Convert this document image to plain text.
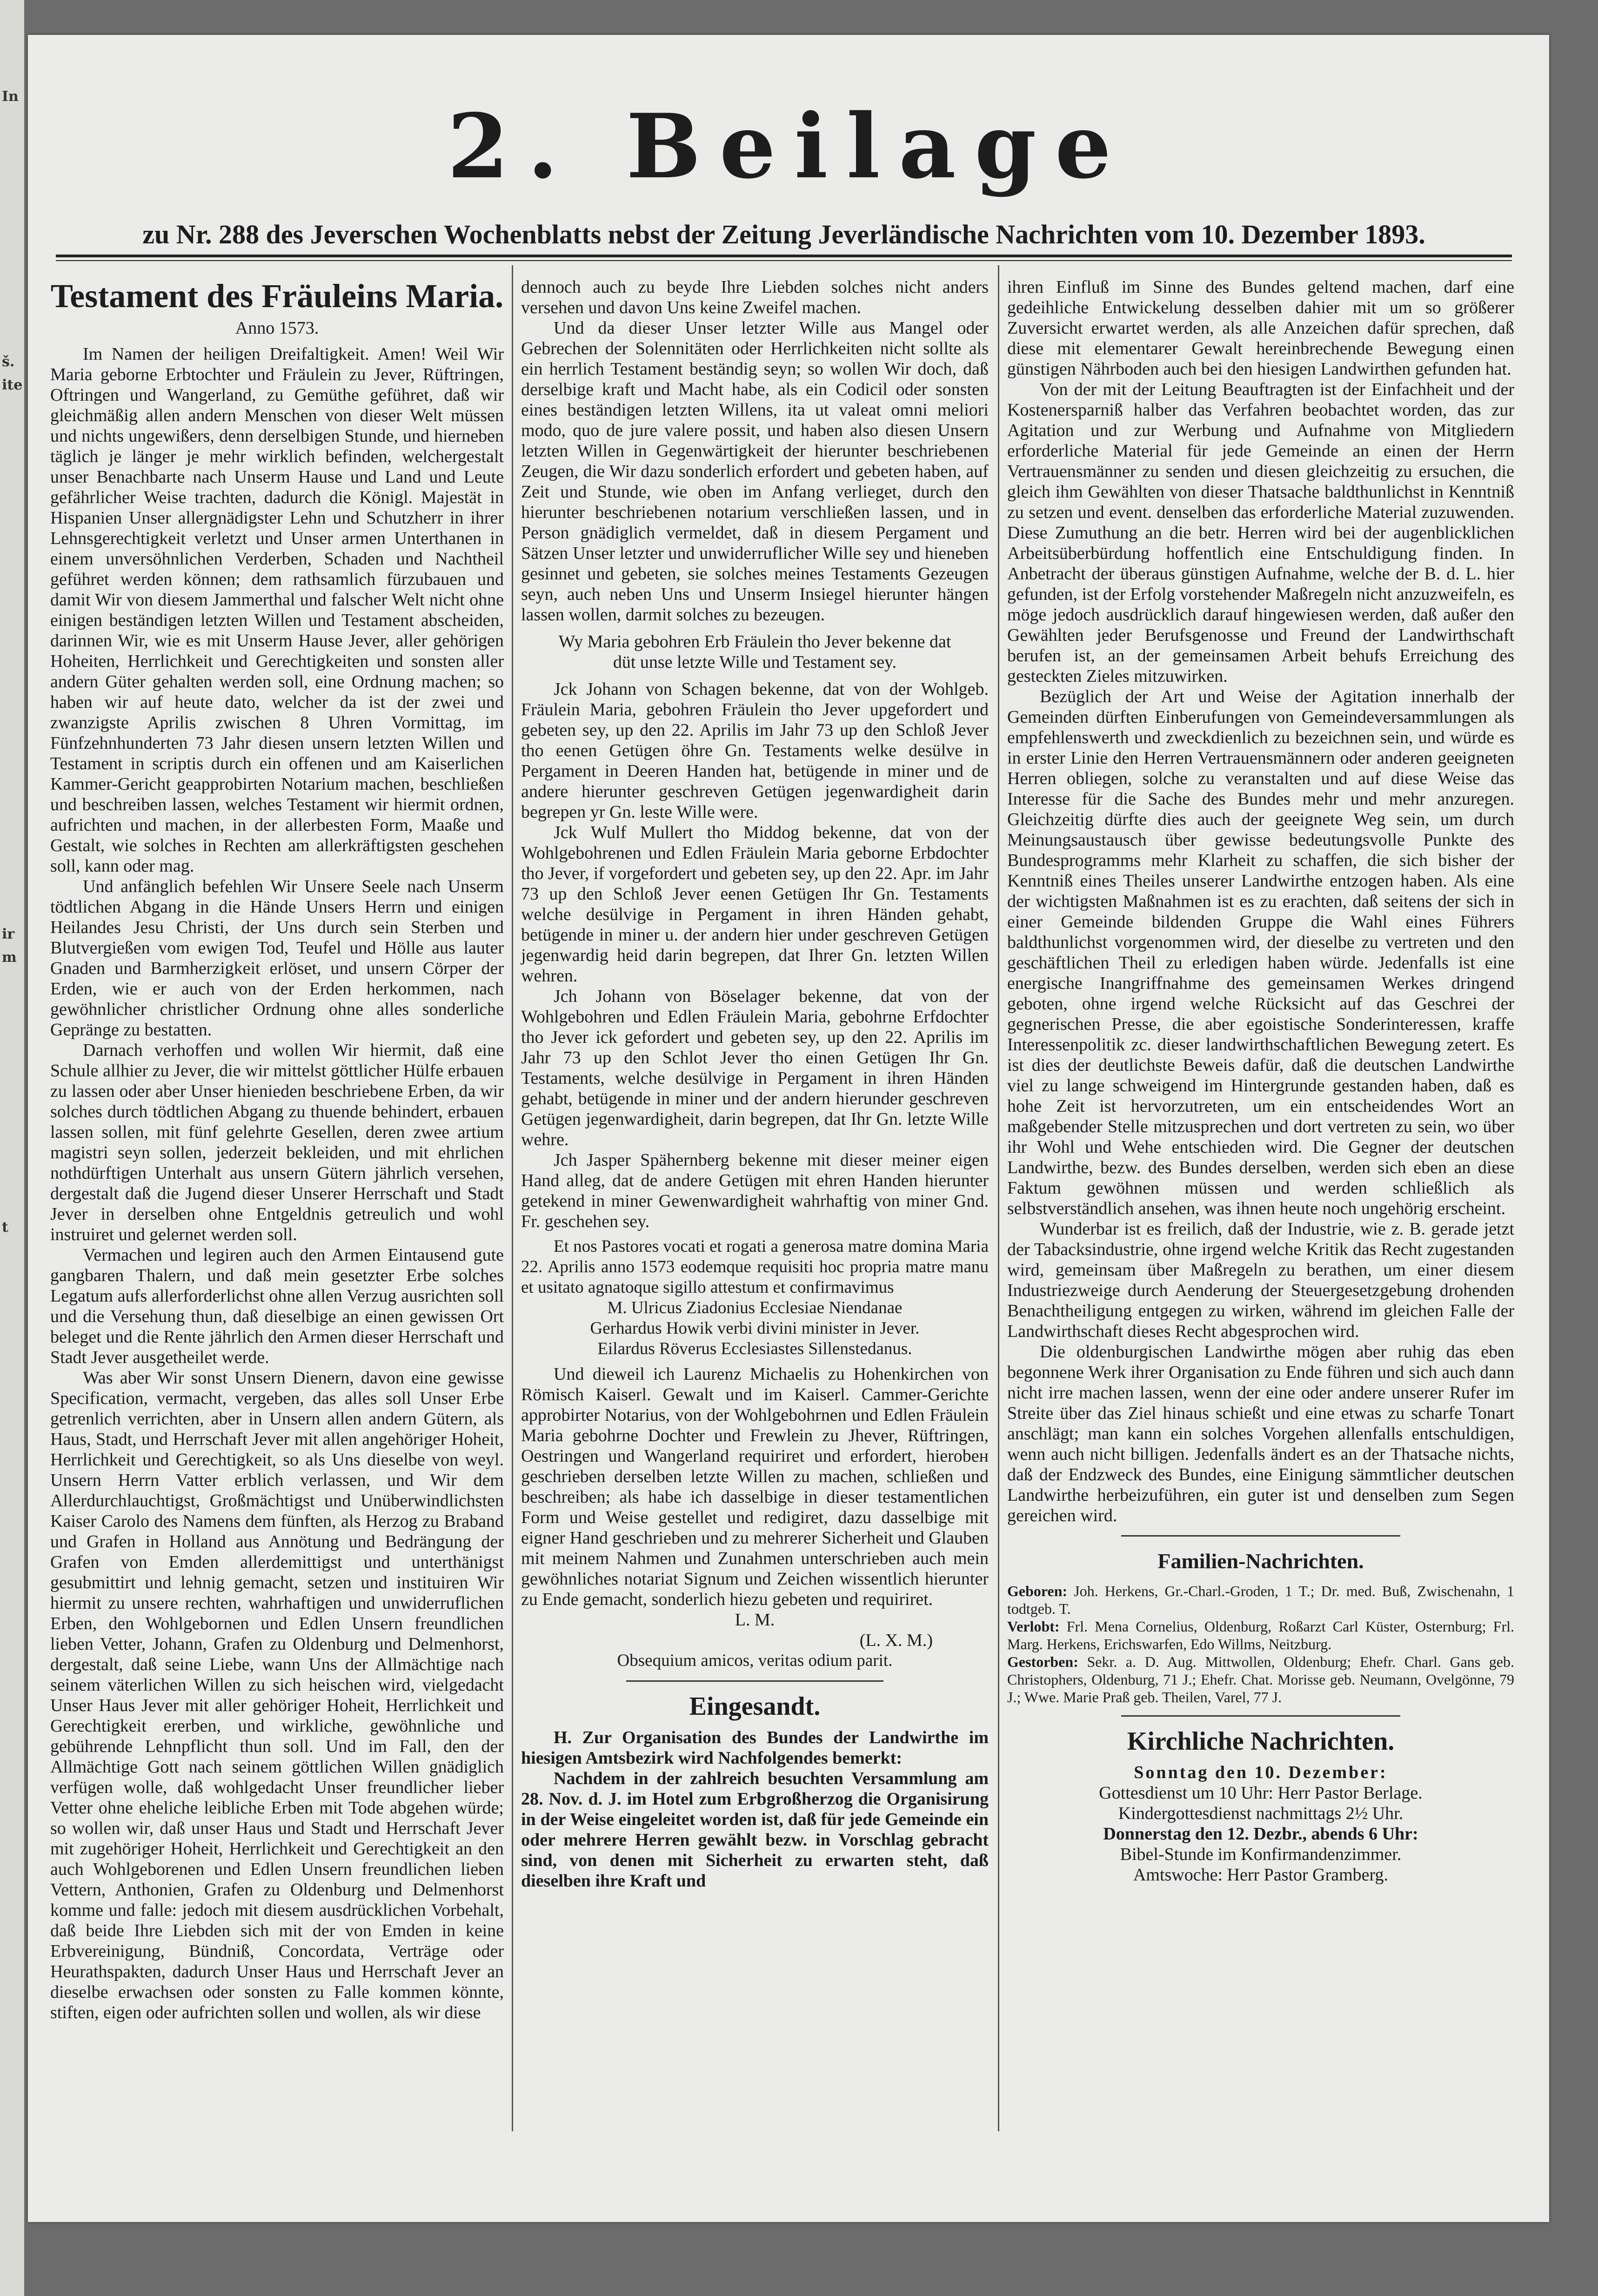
In
š.
ite
ir
m
t
2. Beilage
zu Nr. 288 des Jeverschen Wochenblatts nebst der Zeitung Jeverländische Nachrichten vom 10. Dezember 1893.
Testament des Fräuleins Maria.
Anno 1573.

Im Namen der heiligen Dreifaltigkeit. Amen! Weil Wir Maria geborne Erbtochter und Fräulein zu Jever, Rüftringen, Oftringen und Wangerland, zu Gemüthe geführet, daß wir gleichmäßig allen andern Menschen von dieser Welt müssen und nichts ungewißers, denn derselbigen Stunde, und hierneben täglich je länger je mehr wirklich befinden, welchergestalt unser Benachbarte nach Unserm Hause und Land und Leute gefährlicher Weise trachten, dadurch die Königl. Majestät in Hispanien Unser allergnädigster Lehn und Schutzherr in ihrer Lehnsgerechtigkeit verletzt und Unser armen Unterthanen in einem unversöhnlichen Verderben, Schaden und Nachtheil geführet werden können; dem rathsamlich fürzubauen und damit Wir von diesem Jammerthal und falscher Welt nicht ohne einigen beständigen letzten Willen und Testament abscheiden, darinnen Wir, wie es mit Unserm Hause Jever, aller gehörigen Hoheiten, Herrlichkeit und Gerechtigkeiten und sonsten aller andern Güter gehalten werden soll, eine Ordnung machen; so haben wir auf heute dato, welcher da ist der zwei und zwanzigste Aprilis zwischen 8 Uhren Vormittag, im Fünfzehnhunderten 73 Jahr diesen unsern letzten Willen und Testament in scriptis durch ein offenen und am Kaiserlichen Kammer-Gericht geapprobirten Notarium machen, beschließen und beschreiben lassen, welches Testament wir hiermit ordnen, aufrichten und machen, in der allerbesten Form, Maaße und Gestalt, wie solches in Rechten am allerkräftigsten geschehen soll, kann oder mag.

Und anfänglich befehlen Wir Unsere Seele nach Unserm tödtlichen Abgang in die Hände Unsers Herrn und einigen Heilandes Jesu Christi, der Uns durch sein Sterben und Blutvergießen vom ewigen Tod, Teufel und Hölle aus lauter Gnaden und Barmherzigkeit erlöset, und unsern Cörper der Erden, wie er auch von der Erden herkommen, nach gewöhnlicher christlicher Ordnung ohne alles sonderliche Gepränge zu bestatten.

Darnach verhoffen und wollen Wir hiermit, daß eine Schule allhier zu Jever, die wir mittelst göttlicher Hülfe erbauen zu lassen oder aber Unser hienieden beschriebene Erben, da wir solches durch tödtlichen Abgang zu thuende behindert, erbauen lassen sollen, mit fünf gelehrte Gesellen, deren zwee artium magistri seyn sollen, jederzeit bekleiden, und mit ehrlichen nothdürftigen Unterhalt aus unsern Gütern jährlich versehen, dergestalt daß die Jugend dieser Unserer Herrschaft und Stadt Jever in derselben ohne Entgeldnis getreulich und wohl instruiret und gelernet werden soll.

Vermachen und legiren auch den Armen Eintausend gute gangbaren Thalern, und daß mein gesetzter Erbe solches Legatum aufs allerforderlichst ohne allen Verzug ausrichten soll und die Versehung thun, daß dieselbige an einen gewissen Ort beleget und die Rente jährlich den Armen dieser Herrschaft und Stadt Jever ausgetheilet werde.

Was aber Wir sonst Unsern Dienern, davon eine gewisse Specification, vermacht, vergeben, das alles soll Unser Erbe getrenlich verrichten, aber in Unsern allen andern Gütern, als Haus, Stadt, und Herrschaft Jever mit allen angehöriger Hoheit, Herrlichkeit und Gerechtigkeit, so als Uns dieselbe von weyl. Unsern Herrn Vatter erblich verlassen, und Wir dem Allerdurchlauchtigst, Großmächtigst und Unüberwindlichsten Kaiser Carolo des Namens dem fünften, als Herzog zu Braband und Grafen in Holland aus Annötung und Bedrängung der Grafen von Emden allerdemittigst und unterthänigst gesubmittirt und lehnig gemacht, setzen und instituiren Wir hiermit zu unsere rechten, wahrhaftigen und unwiderruflichen Erben, den Wohlgebornen und Edlen Unsern freundlichen lieben Vetter, Johann, Grafen zu Oldenburg und Delmenhorst, dergestalt, daß seine Liebe, wann Uns der Allmächtige nach seinem väterlichen Willen zu sich heischen wird, vielgedacht Unser Haus Jever mit aller gehöriger Hoheit, Herrlichkeit und Gerechtigkeit ererben, und wirkliche, gewöhnliche und gebührende Lehnpflicht thun soll. Und im Fall, den der Allmächtige Gott nach seinem göttlichen Willen gnädiglich verfügen wolle, daß wohlgedacht Unser freundlicher lieber Vetter ohne eheliche leibliche Erben mit Tode abgehen würde; so wollen wir, daß unser Haus und Stadt und Herrschaft Jever mit zugehöriger Hoheit, Herrlichkeit und Gerechtigkeit an den auch Wohlgeborenen und Edlen Unsern freundlichen lieben Vettern, Anthonien, Grafen zu Oldenburg und Delmenhorst komme und falle: jedoch mit diesem ausdrücklichen Vorbehalt, daß beide Ihre Liebden sich mit der von Emden in keine Erbvereinigung, Bündniß, Concordata, Verträge oder Heurathspakten, dadurch Unser Haus und Herrschaft Jever an dieselbe erwachsen oder sonsten zu Falle kommen könnte, stiften, eigen oder aufrichten sollen und wollen, als wir diese

dennoch auch zu beyde Ihre Liebden solches nicht anders versehen und davon Uns keine Zweifel machen.

Und da dieser Unser letzter Wille aus Mangel oder Gebrechen der Solennitäten oder Herrlichkeiten nicht sollte als ein herrlich Testament beständig seyn; so wollen Wir doch, daß derselbige kraft und Macht habe, als ein Codicil oder sonsten eines beständigen letzten Willens, ita ut valeat omni meliori modo, quo de jure valere possit, und haben also diesen Unsern letzten Willen in Gegenwärtigkeit der hierunter beschriebenen Zeugen, die Wir dazu sonderlich erfordert und gebeten haben, auf Zeit und Stunde, wie oben im Anfang verlieget, durch den hierunter beschriebenen notarium verschließen lassen, und in Person gnädiglich vermeldet, daß in diesem Pergament und Sätzen Unser letzter und unwiderruflicher Wille sey und hieneben gesinnet und gebeten, sie solches meines Testaments Gezeugen seyn, auch neben Uns und Unserm Insiegel hierunter hängen lassen wollen, darmit solches zu bezeugen.

Wy Maria gebohren Erb Fräulein tho Jever bekenne dat düt unse letzte Wille und Testament sey.

Jck Johann von Schagen bekenne, dat von der Wohlgeb. Fräulein Maria, gebohren Fräulein tho Jever upgefordert und gebeten sey, up den 22. Aprilis im Jahr 73 up den Schloß Jever tho eenen Getügen öhre Gn. Testaments welke desülve in Pergament in Deeren Handen hat, betügende in miner und de andere hierunter geschreven Getügen jegenwardigheit darin begrepen yr Gn. leste Wille were.

Jck Wulf Mullert tho Middog bekenne, dat von der Wohlgebohrenen und Edlen Fräulein Maria geborne Erbdochter tho Jever, if vorgefordert und gebeten sey, up den 22. Apr. im Jahr 73 up den Schloß Jever eenen Getügen Ihr Gn. Testaments welche desülvige in Pergament in ihren Händen gehabt, betügende in miner u. der andern hier under geschreven Getügen jegenwardig heid darin begrepen, dat Ihrer Gn. letzten Willen wehren.

Jch Johann von Böselager bekenne, dat von der Wohlgebohren und Edlen Fräulein Maria, gebohrne Erfdochter tho Jever ick gefordert und gebeten sey, up den 22. Aprilis im Jahr 73 up den Schlot Jever tho einen Getügen Ihr Gn. Testaments, welche desülvige in Pergament in ihren Händen gehabt, betügende in miner und der andern hierunder geschreven Getügen jegenwardigheit, darin begrepen, dat Ihr Gn. letzte Wille wehre.

Jch Jasper Spähernberg bekenne mit dieser meiner eigen Hand alleg, dat de andere Getügen mit ehren Handen hierunter getekend in miner Gewenwardigheit wahrhaftig von miner Gnd. Fr. geschehen sey.

Et nos Pastores vocati et rogati a generosa matre domina Maria 22. Aprilis anno 1573 eodemque requisiti hoc propria matre manu et usitato agnatoque sigillo attestum et confirmavimus

M. Ulricus Ziadonius Ecclesiae Niendanae

Gerhardus Howik verbi divini minister in Jever.

Eilardus Röverus Ecclesiastes Sillenstedanus.

Und dieweil ich Laurenz Michaelis zu Hohenkirchen von Römisch Kaiserl. Gewalt und im Kaiserl. Cammer-Gerichte approbirter Notarius, von der Wohlgebohrnen und Edlen Fräulein Maria gebohrne Dochter und Frewlein zu Jhever, Rüftringen, Oestringen und Wangerland requiriret und erfordert, hierobeн geschrieben derselben letzte Willen zu machen, schließen und beschreiben; als habe ich dasselbige in dieser testamentlichen Form und Weise gestellet und redigiret, dazu dasselbige mit eigner Hand geschrieben und zu mehrerer Sicherheit und Glauben mit meinem Nahmen und Zunahmen unterschrieben auch mein gewöhnliches notariat Signum und Zeichen wissentlich hierunter zu Ende gemacht, sonderlich hiezu gebeten und requiriret.

L. M.

(L. X. M.)

Obsequium amicos, veritas odium parit.

Eingesandt.

H. Zur Organisation des Bundes der Landwirthe im hiesigen Amtsbezirk wird Nachfolgendes bemerkt:

Nachdem in der zahlreich besuchten Versammlung am 28. Nov. d. J. im Hotel zum Erbgroßherzog die Organisirung in der Weise eingeleitet worden ist, daß für jede Gemeinde ein oder mehrere Herren gewählt bezw. in Vorschlag gebracht sind, von denen mit Sicherheit zu erwarten steht, daß dieselben ihre Kraft und

ihren Einfluß im Sinne des Bundes geltend machen, darf eine gedeihliche Entwickelung desselben dahier mit um so größerer Zuversicht erwartet werden, als alle Anzeichen dafür sprechen, daß diese mit elementarer Gewalt hereinbrechende Bewegung einen günstigen Nährboden auch bei den hiesigen Landwirthen gefunden hat.

Von der mit der Leitung Beauftragten ist der Einfachheit und der Kostenersparniß halber das Verfahren beobachtet worden, das zur Agitation und zur Werbung und Aufnahme von Mitgliedern erforderliche Material für jede Gemeinde an einen der Herrn Vertrauensmänner zu senden und diesen gleichzeitig zu ersuchen, die gleich ihm Gewählten von dieser Thatsache baldthunlichst in Kenntniß zu setzen und event. denselben das erforderliche Material zuzuwenden. Diese Zumuthung an die betr. Herren wird bei der augenblicklichen Arbeitsüberbürdung hoffentlich eine Entschuldigung finden. In Anbetracht der überaus günstigen Aufnahme, welche der B. d. L. hier gefunden, ist der Erfolg vorstehender Maßregeln nicht anzuzweifeln, es möge jedoch ausdrücklich darauf hingewiesen werden, daß außer den Gewählten jeder Berufsgenosse und Freund der Landwirthschaft berufen ist, an der gemeinsamen Arbeit behufs Erreichung des gesteckten Zieles mitzuwirken.

Bezüglich der Art und Weise der Agitation innerhalb der Gemeinden dürften Einberufungen von Gemeindeversammlungen als empfehlenswerth und zweckdienlich zu bezeichnen sein, und würde es in erster Linie den Herren Vertrauensmännern oder anderen geeigneten Herren obliegen, solche zu veranstalten und auf diese Weise das Interesse für die Sache des Bundes mehr und mehr anzuregen. Gleichzeitig dürfte dies auch der geeignete Weg sein, um durch Meinungsaustausch über gewisse bedeutungsvolle Punkte des Bundesprogramms mehr Klarheit zu schaffen, die sich bisher der Kenntniß eines Theiles unserer Landwirthe entzogen haben. Als eine der wichtigsten Maßnahmen ist es zu erachten, daß seitens der sich in einer Gemeinde bildenden Gruppe die Wahl eines Führers baldthunlichst vorgenommen wird, der dieselbe zu vertreten und den geschäftlichen Theil zu erledigen haben würde. Jedenfalls ist eine energische Inangriffnahme des gemeinsamen Werkes dringend geboten, ohne irgend welche Rücksicht auf das Geschrei der gegnerischen Presse, die aber egoistische Sonderinteressen, kraffe Interessenpolitik zc. dieser landwirthschaftlichen Bewegung zetert. Es ist dies der deutlichste Beweis dafür, daß die deutschen Landwirthe viel zu lange schweigend im Hintergrunde gestanden haben, daß es hohe Zeit ist hervorzutreten, um ein entscheidendes Wort an maßgebender Stelle mitzusprechen und dort vertreten zu sein, wo über ihr Wohl und Wehe entschieden wird. Die Gegner der deutschen Landwirthe, bezw. des Bundes derselben, werden sich eben an diese Faktum gewöhnen müssen und werden schließlich als selbstverständlich ansehen, was ihnen heute noch ungehörig erscheint.

Wunderbar ist es freilich, daß der Industrie, wie z. B. gerade jetzt der Tabacksindustrie, ohne irgend welche Kritik das Recht zugestanden wird, gemeinsam über Maßregeln zu berathen, um einer diesem Industriezweige durch Aenderung der Steuergesetzgebung drohenden Benachtheiligung entgegen zu wirken, während im gleichen Falle der Landwirthschaft dieses Recht abgesprochen wird.

Die oldenburgischen Landwirthe mögen aber ruhig das eben begonnene Werk ihrer Organisation zu Ende führen und sich auch dann nicht irre machen lassen, wenn der eine oder andere unserer Rufer im Streite über das Ziel hinaus schießt und eine etwas zu scharfe Tonart anschlägt; man kann ein solches Vorgehen allenfalls entschuldigen, wenn auch nicht billigen. Jedenfalls ändert es an der Thatsache nichts, daß der Endzweck des Bundes, eine Einigung sämmtlicher deutschen Landwirthe herbeizuführen, ein guter ist und denselben zum Segen gereichen wird.

Familien-Nachrichten.

Geboren: Joh. Herkens, Gr.-Charl.-Groden, 1 T.; Dr. med. Buß, Zwischenahn, 1 todtgeb. T.

Verlobt: Frl. Mena Cornelius, Oldenburg, Roßarzt Carl Küster, Osternburg; Frl. Marg. Herkens, Erichswarfen, Edo Willms, Neitzburg.

Gestorben: Sekr. a. D. Aug. Mittwollen, Oldenburg; Ehefr. Charl. Gans geb. Christophers, Oldenburg, 71 J.; Ehefr. Chat. Morisse geb. Neumann, Ovelgönne, 79 J.; Wwe. Marie Praß geb. Theilen, Varel, 77 J.

Kirchliche Nachrichten.

Sonntag den 10. Dezember:

Gottesdienst um 10 Uhr: Herr Pastor Berlage.

Kindergottesdienst nachmittags 2½ Uhr.

Donnerstag den 12. Dezbr., abends 6 Uhr:

Bibel-Stunde im Konfirmandenzimmer.

Amtswoche: Herr Pastor Gramberg.
